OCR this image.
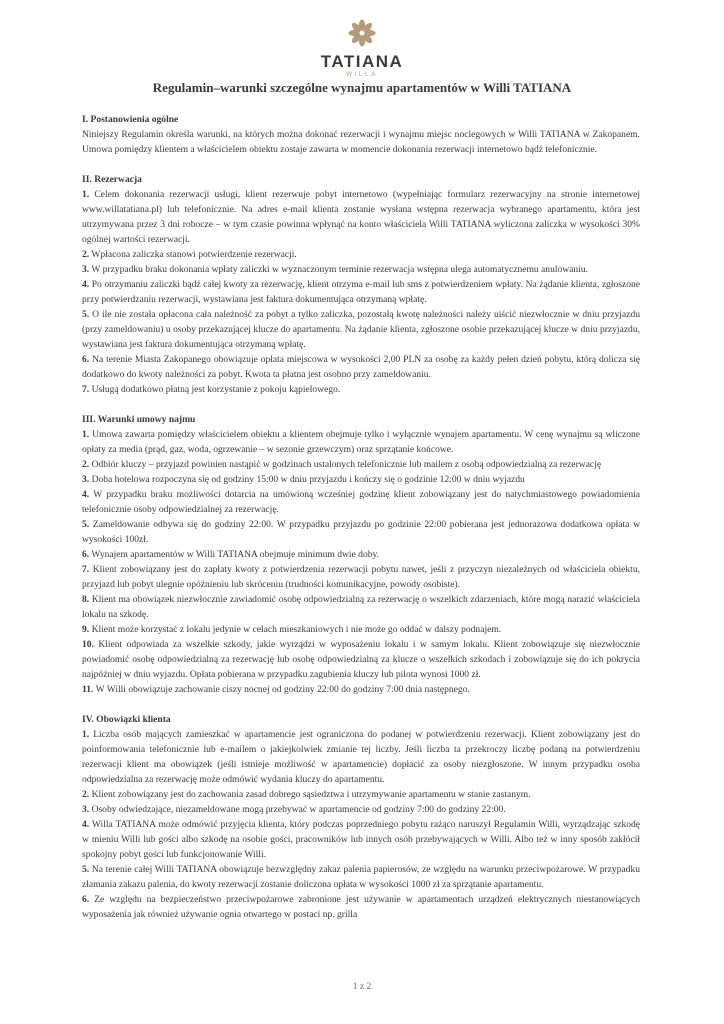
TATIANA
WILLA
Regulamin–warunki szczególne wynajmu apartamentów w Willi TATIANA
I. Postanowienia ogólne

Niniejszy Regulamin określa warunki, na których można dokonać rezerwacji i wynajmu miejsc noclegowych w Willi TATIANA w Zakopanem. Umowa pomiędzy klientem a właścicielem obiektu zostaje zawarta w momencie dokonania rezerwacji internetowo bądź telefonicznie.

II. Rezerwacja

1. Celem dokonania rezerwacji usługi, klient rezerwuje pobyt internetowo (wypełniając formularz rezerwacyjny na stronie internetowej www.willatatiana.pl) lub telefonicznie. Na adres e-mail klienta zostanie wysłana wstępna rezerwacja wybranego apartamentu, która jest utrzymywana przez 3 dni robocze – w tym czasie powinna wpłynąć na konto właściciela Willi TATIANA wyliczona zaliczka w wysokości 30% ogólnej wartości rezerwacji.

2. Wpłacona zaliczka stanowi potwierdzenie rezerwacji.

3. W przypadku braku dokonania wpłaty zaliczki w wyznaczonym terminie rezerwacja wstępna ulega automatycznemu anulowaniu.

4. Po otrzymaniu zaliczki bądź całej kwoty za rezerwację, klient otrzyma e-mail lub sms z potwierdzeniem wpłaty. Na żądanie klienta, zgłoszone przy potwierdzaniu rezerwacji, wystawiana jest faktura dokumentująca otrzymaną wpłatę.

5. O ile nie została opłacona cała należność za pobyt a tylko zaliczka, pozostałą kwotę należności należy uiścić niezwłocznie w dniu przyjazdu (przy zameldowaniu) u osoby przekazującej klucze do apartamentu. Na żądanie klienta, zgłoszone osobie przekazującej klucze w dniu przyjazdu, wystawiana jest faktura dokumentująca otrzymaną wpłatę.

6. Na terenie Miasta Zakopanego obowiązuje opłata miejscowa w wysokości 2,00 PLN za osobę za każdy pełen dzień pobytu, którą dolicza się dodatkowo do kwoty należności za pobyt. Kwota ta płatna jest osobno przy zameldowaniu.

7. Usługą dodatkowo płatną jest korzystanie z pokoju kąpielowego.

III. Warunki umowy najmu

1. Umowa zawarta pomiędzy właścicielem obiektu a klientem obejmuje tylko i wyłącznie wynajem apartamentu. W cenę wynajmu są wliczone opłaty za media (prąd, gaz, woda, ogrzewanie – w sezonie grzewczym) oraz sprzątanie końcowe.

2. Odbiór kluczy – przyjazd powinien nastąpić w godzinach ustalonych telefonicznie lub mailem z osobą odpowiedzialną za rezerwację

3. Doba hotelowa rozpoczyna się od godziny 15:00 w dniu przyjazdu i kończy się o godzinie 12:00 w dniu wyjazdu

4. W przypadku braku możliwości dotarcia na umówioną wcześniej godzinę klient zobowiązany jest do natychmiastowego powiadomienia telefonicznie osoby odpowiedzialnej za rezerwację.

5. Zameldowanie odbywa się do godziny 22:00. W przypadku przyjazdu po godzinie 22:00 pobierana jest jednorazowa dodatkowa opłata w wysokości 100zł.

6. Wynajem apartamentów w Willi TATIANA obejmuje minimum dwie doby.

7. Klient zobowiązany jest do zapłaty kwoty z potwierdzenia rezerwacji pobytu nawet, jeśli z przyczyn niezależnych od właściciela obiektu, przyjazd lub pobyt ulegnie opóźnieniu lub skróceniu (trudności komunikacyjne, powody osobiste).

8. Klient ma obowiązek niezwłocznie zawiadomić osobę odpowiedzialną za rezerwację o wszelkich zdarzeniach, które mogą narazić właściciela lokalu na szkodę.

9. Klient może korzystać z lokalu jedynie w celach mieszkaniowych i nie może go oddać w dalszy podnajem.

10. Klient odpowiada za wszelkie szkody, jakie wyrządzi w wyposażeniu lokalu i w samym lokalu. Klient zobowiązuje się niezwłocznie powiadomić osobę odpowiedzialną za rezerwację lub osobę odpowiedzialną za klucze o wszelkich szkodach i zobowiązuje się do ich pokrycia najpóźniej w dniu wyjazdu. Opłata pobierana w przypadku zagubienia kluczy lub pilota wynosi 1000 zł.

11. W Willi obowiązuje zachowanie ciszy nocnej od godziny 22:00 do godziny 7:00 dnia następnego.

IV. Obowiązki klienta

1. Liczba osób mających zamieszkać w apartamencie jest ograniczona do podanej w potwierdzeniu rezerwacji. Klient zobowiązany jest do poinformowania telefonicznie lub e-mailem o jakiejkolwiek zmianie tej liczby. Jeśli liczba ta przekroczy liczbę podaną na potwierdzeniu rezerwacji klient ma obowiązek (jeśli istnieje możliwość w apartamencie) dopłacić za osoby niezgłoszone. W innym przypadku osoba odpowiedzialna za rezerwację może odmówić wydania kluczy do apartamentu.

2. Klient zobowiązany jest do zachowania zasad dobrego sąsiedztwa i utrzymywanie apartamentu w stanie zastanym.

3. Osoby odwiedzające, niezameldowane mogą przebywać w apartamencie od godziny 7:00 do godziny 22:00.

4. Willa TATIANA może odmówić przyjęcia klienta, który podczas poprzedniego pobytu rażąco naruszył Regulamin Willi, wyrządzając szkodę w mieniu Willi lub gości albo szkodę na osobie gości, pracowników lub innych osób przebywających w Willi. Albo też w inny sposób zakłócił spokojny pobyt gości lub funkcjonowanie Willi.

5. Na terenie całej Willi TATIANA obowiązuje bezwzględny zakaz palenia papierosów, ze względu na warunku przeciwpożarowe. W przypadku złamania zakazu palenia, do kwoty rezerwacji zostanie doliczona opłata w wysokości 1000 zł za sprzątanie apartamentu.

6. Ze względu na bezpieczeństwo przeciwpożarowe zabronione jest używanie w apartamentach urządzeń elektrycznych niestanowiących wyposażenia jak również używanie ognia otwartego w postaci np. grilla

1 z 2
